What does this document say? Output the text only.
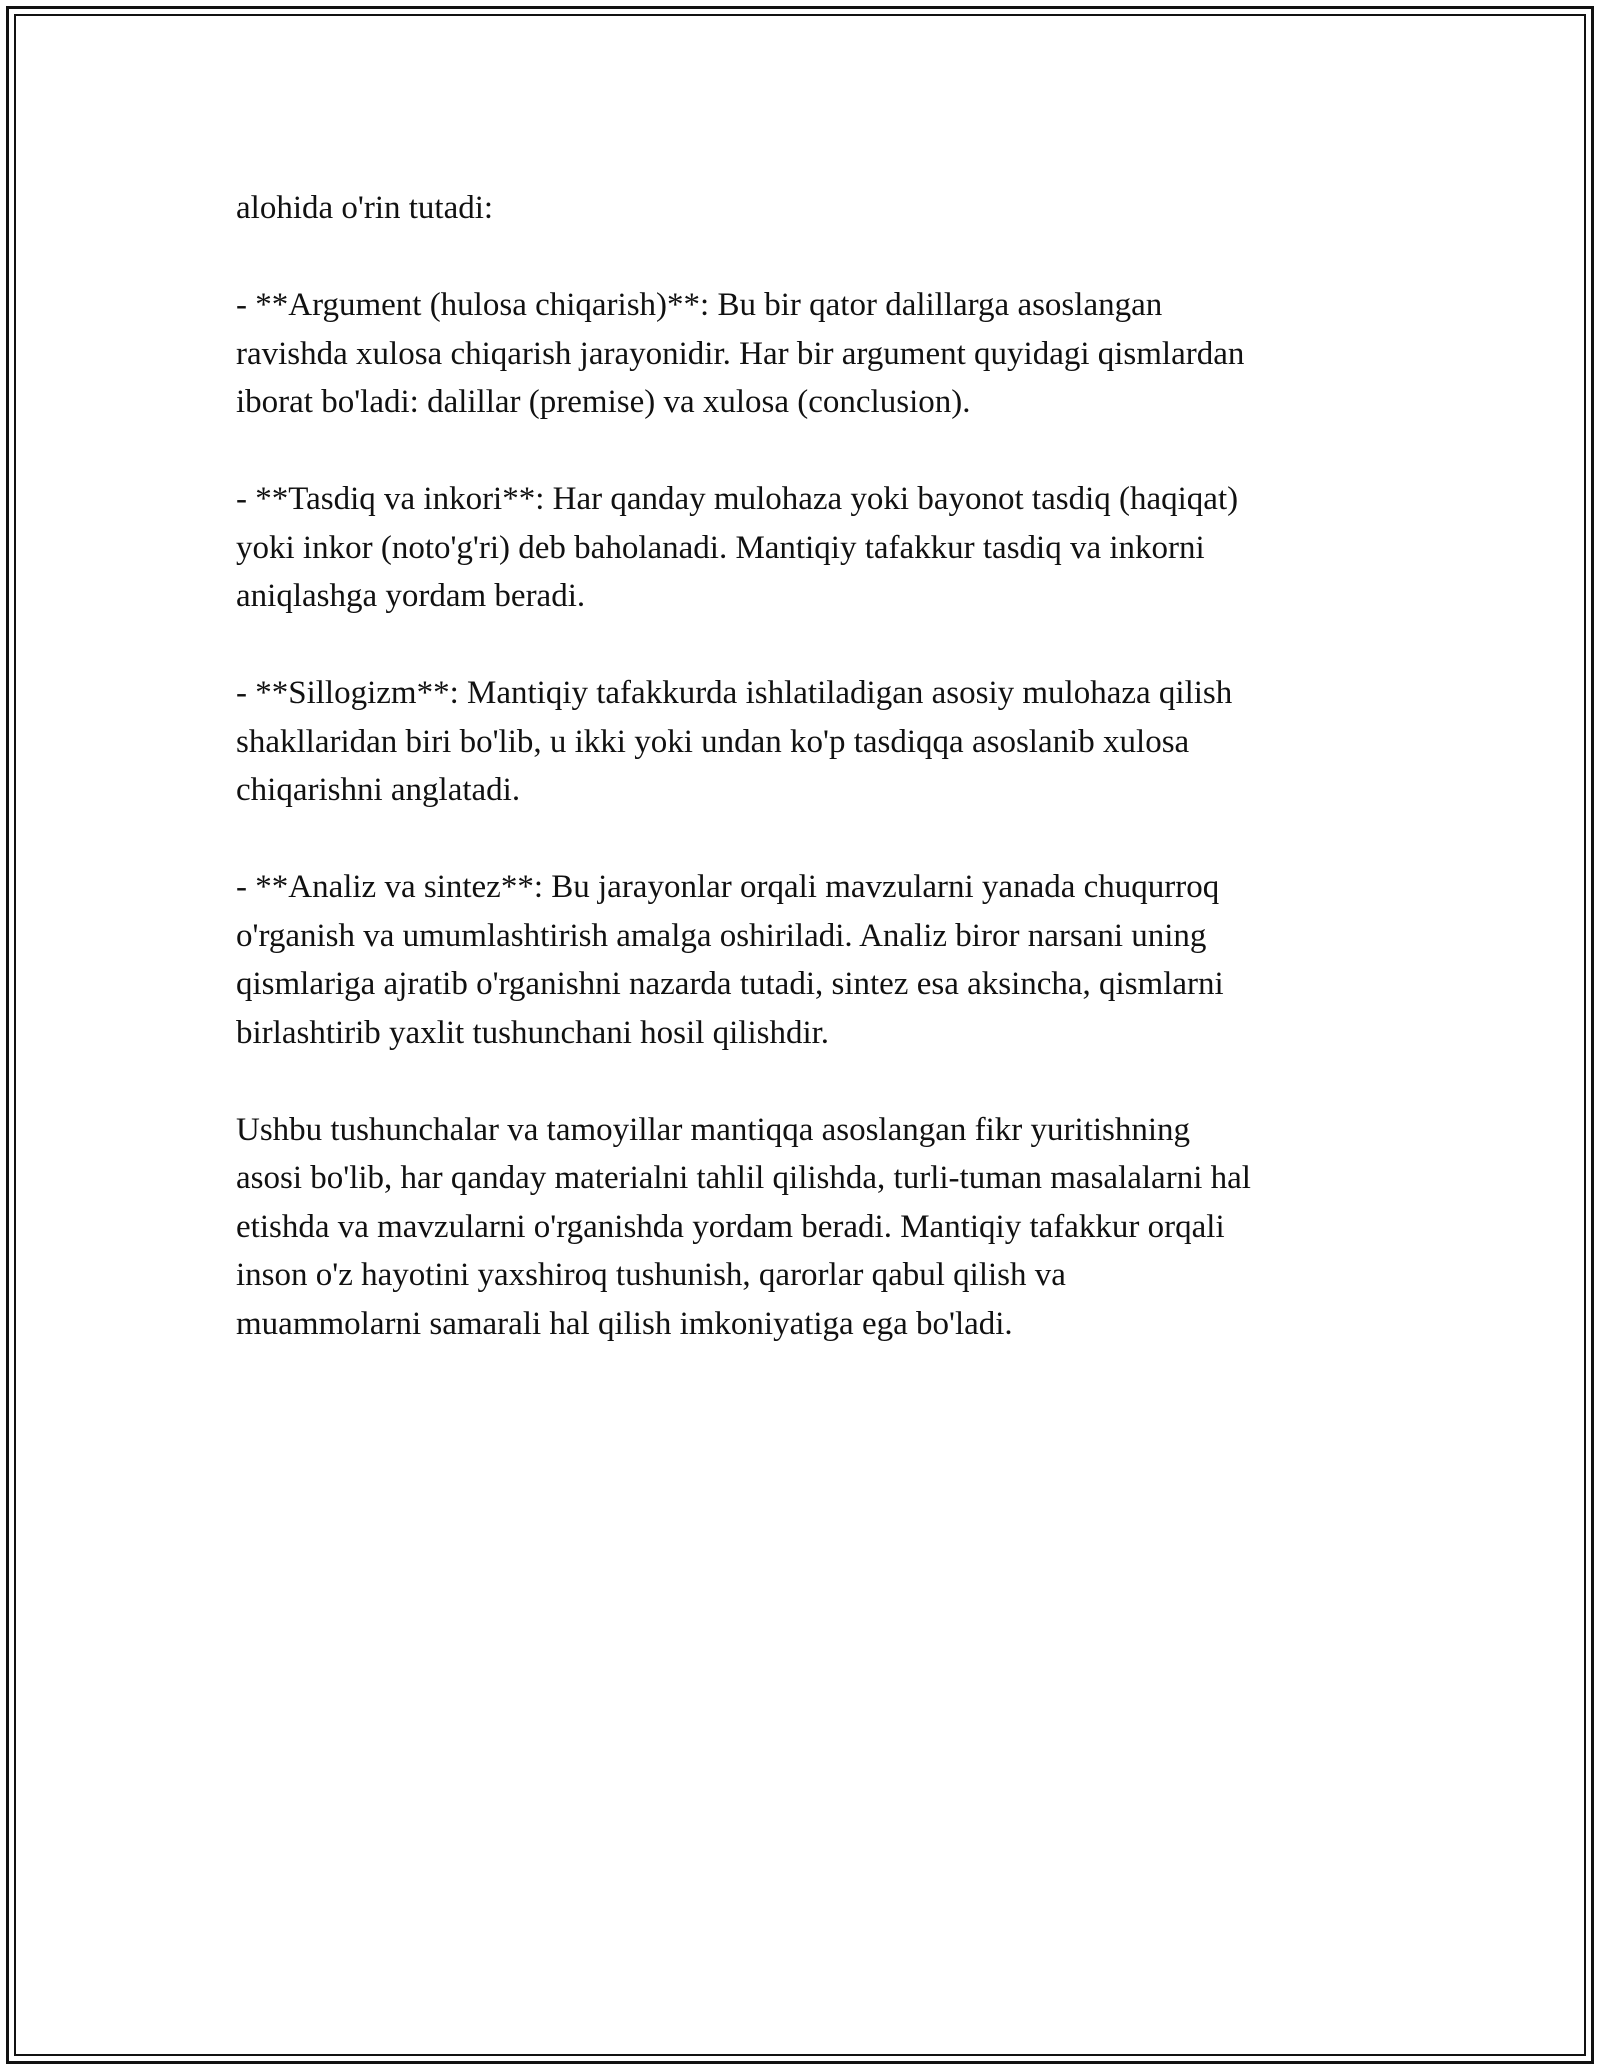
alohida o'rin tutadi:

- **Argument (hulosa chiqarish)**: Bu bir qator dalillarga asoslangan
ravishda xulosa chiqarish jarayonidir. Har bir argument quyidagi qismlardan
iborat bo'ladi: dalillar (premise) va xulosa (conclusion).

- **Tasdiq va inkori**: Har qanday mulohaza yoki bayonot tasdiq (haqiqat)
yoki inkor (noto'g'ri) deb baholanadi. Mantiqiy tafakkur tasdiq va inkorni
aniqlashga yordam beradi.

- **Sillogizm**: Mantiqiy tafakkurda ishlatiladigan asosiy mulohaza qilish
shakllaridan biri bo'lib, u ikki yoki undan ko'p tasdiqqa asoslanib xulosa
chiqarishni anglatadi.

- **Analiz va sintez**: Bu jarayonlar orqali mavzularni yanada chuqurroq
o'rganish va umumlashtirish amalga oshiriladi. Analiz biror narsani uning
qismlariga ajratib o'rganishni nazarda tutadi, sintez esa aksincha, qismlarni
birlashtirib yaxlit tushunchani hosil qilishdir.

Ushbu tushunchalar va tamoyillar mantiqqa asoslangan fikr yuritishning
asosi bo'lib, har qanday materialni tahlil qilishda, turli-tuman masalalarni hal
etishda va mavzularni o'rganishda yordam beradi. Mantiqiy tafakkur orqali
inson o'z hayotini yaxshiroq tushunish, qarorlar qabul qilish va
muammolarni samarali hal qilish imkoniyatiga ega bo'ladi.
